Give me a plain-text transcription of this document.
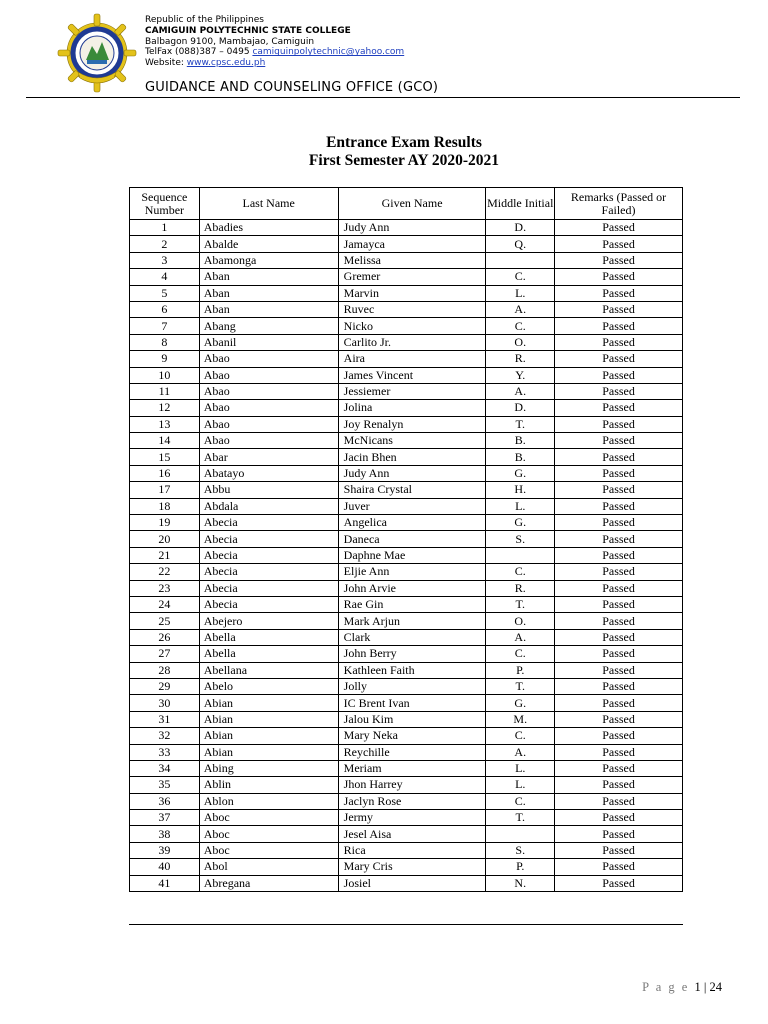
Republic of the Philippines
CAMIGUIN POLYTECHNIC STATE COLLEGE
Balbagon 9100, Mambajao, Camiguin
TelFax (088)387 – 0495 camiguinpolytechnic@yahoo.com
Website: www.cpsc.edu.ph
GUIDANCE AND COUNSELING OFFICE (GCO)
Entrance Exam Results
First Semester AY 2020-2021
Sequence Number	Last Name	Given Name	Middle Initial	Remarks (Passed or Failed)
1	Abadies	Judy Ann	D.	Passed
2	Abalde	Jamayca	Q.	Passed
3	Abamonga	Melissa		Passed
4	Aban	Gremer	C.	Passed
5	Aban	Marvin	L.	Passed
6	Aban	Ruvec	A.	Passed
7	Abang	Nicko	C.	Passed
8	Abanil	Carlito Jr.	O.	Passed
9	Abao	Aira	R.	Passed
10	Abao	James Vincent	Y.	Passed
11	Abao	Jessiemer	A.	Passed
12	Abao	Jolina	D.	Passed
13	Abao	Joy Renalyn	T.	Passed
14	Abao	McNicans	B.	Passed
15	Abar	Jacin Bhen	B.	Passed
16	Abatayo	Judy Ann	G.	Passed
17	Abbu	Shaira Crystal	H.	Passed
18	Abdala	Juver	L.	Passed
19	Abecia	Angelica	G.	Passed
20	Abecia	Daneca	S.	Passed
21	Abecia	Daphne Mae		Passed
22	Abecia	Eljie Ann	C.	Passed
23	Abecia	John Arvie	R.	Passed
24	Abecia	Rae Gin	T.	Passed
25	Abejero	Mark Arjun	O.	Passed
26	Abella	Clark	A.	Passed
27	Abella	John Berry	C.	Passed
28	Abellana	Kathleen Faith	P.	Passed
29	Abelo	Jolly	T.	Passed
30	Abian	IC Brent Ivan	G.	Passed
31	Abian	Jalou Kim	M.	Passed
32	Abian	Mary Neka	C.	Passed
33	Abian	Reychille	A.	Passed
34	Abing	Meriam	L.	Passed
35	Ablin	Jhon Harrey	L.	Passed
36	Ablon	Jaclyn Rose	C.	Passed
37	Aboc	Jermy	T.	Passed
38	Aboc	Jesel Aisa		Passed
39	Aboc	Rica	S.	Passed
40	Abol	Mary Cris	P.	Passed
41	Abregana	Josiel	N.	Passed
P a g e 1 | 24
